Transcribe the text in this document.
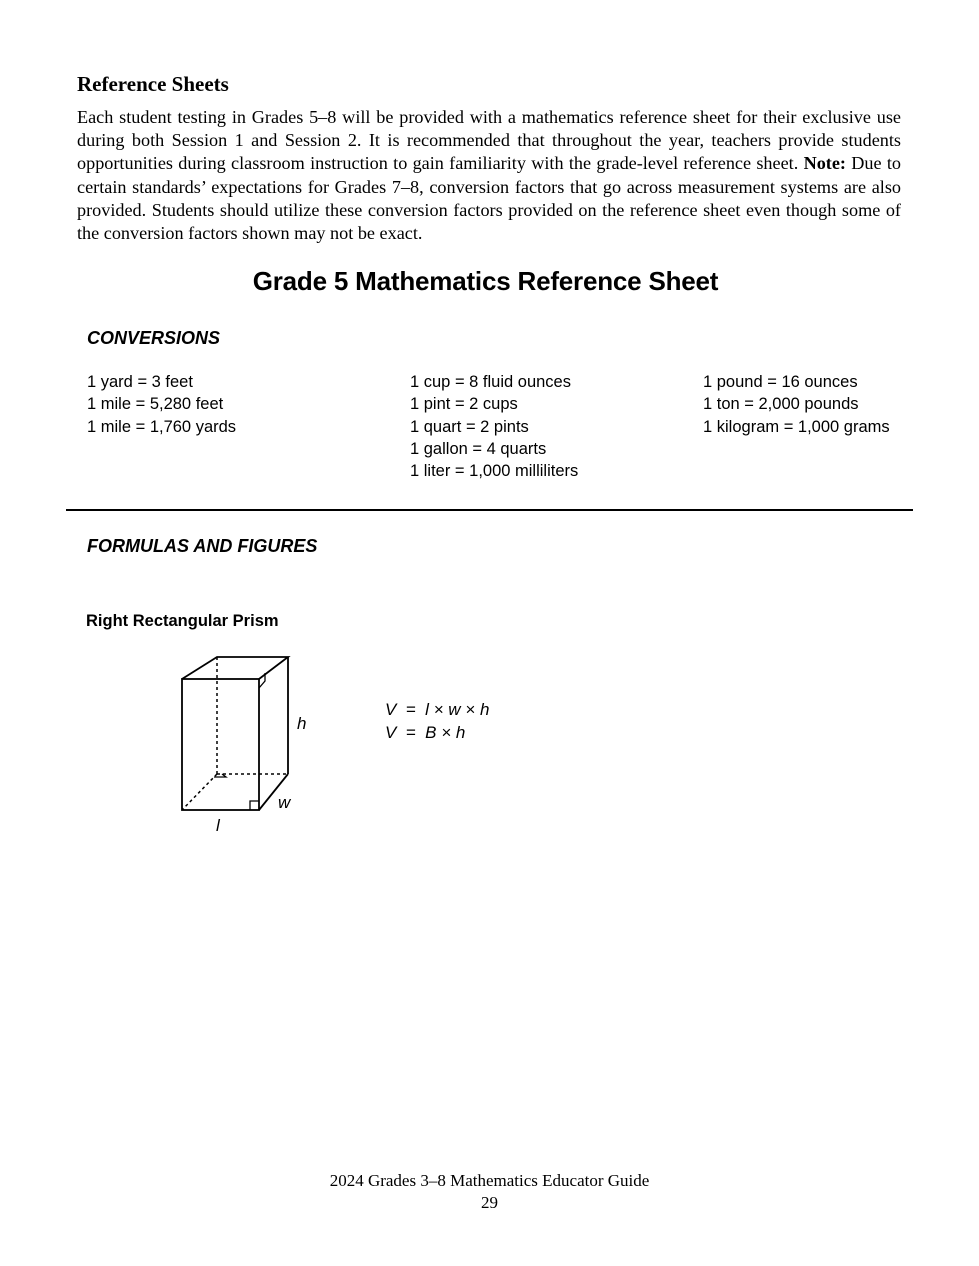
Reference Sheets

Each student testing in Grades 5–8 will be provided with a mathematics reference sheet for their exclusive use during both Session 1 and Session 2. It is recommended that throughout the year, teachers provide students opportunities during classroom instruction to gain familiarity with the grade-level reference sheet. Note: Due to certain standards’ expectations for Grades 7–8, conversion factors that go across measurement systems are also provided. Students should utilize these conversion factors provided on the reference sheet even though some of the conversion factors shown may not be exact.

Grade 5 Mathematics Reference Sheet
CONVERSIONS
1 yard = 3 feet
1 mile = 5,280 feet
1 mile = 1,760 yards
1 cup = 8 fluid ounces
1 pint = 2 cups
1 quart = 2 pints
1 gallon = 4 quarts
1 liter = 1,000 milliliters
1 pound = 16 ounces
1 ton = 2,000 pounds
1 kilogram = 1,000 grams
FORMULAS AND FIGURES

Right Rectangular Prism

h
w
l
V  =  l × w × h
V  =  B × h
2024 Grades 3–8 Mathematics Educator Guide
29
